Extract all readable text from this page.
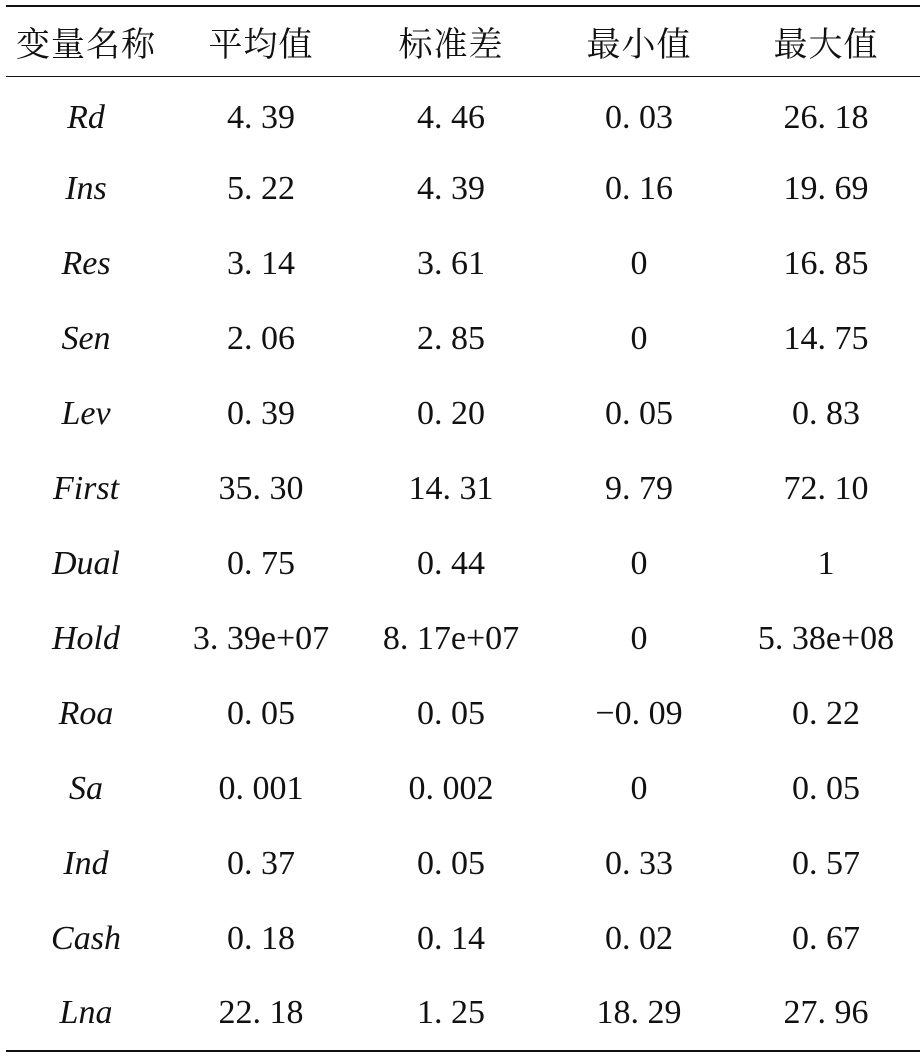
变量名称	平均值	标准差	最小值	最大值
Rd	4. 39	4. 46	0. 03	26. 18
Ins	5. 22	4. 39	0. 16	19. 69
Res	3. 14	3. 61	0	16. 85
Sen	2. 06	2. 85	0	14. 75
Lev	0. 39	0. 20	0. 05	0. 83
First	35. 30	14. 31	9. 79	72. 10
Dual	0. 75	0. 44	0	1
Hold	3. 39e+07	8. 17e+07	0	5. 38e+08
Roa	0. 05	0. 05	−0. 09	0. 22
Sa	0. 001	0. 002	0	0. 05
Ind	0. 37	0. 05	0. 33	0. 57
Cash	0. 18	0. 14	0. 02	0. 67
Lna	22. 18	1. 25	18. 29	27. 96
